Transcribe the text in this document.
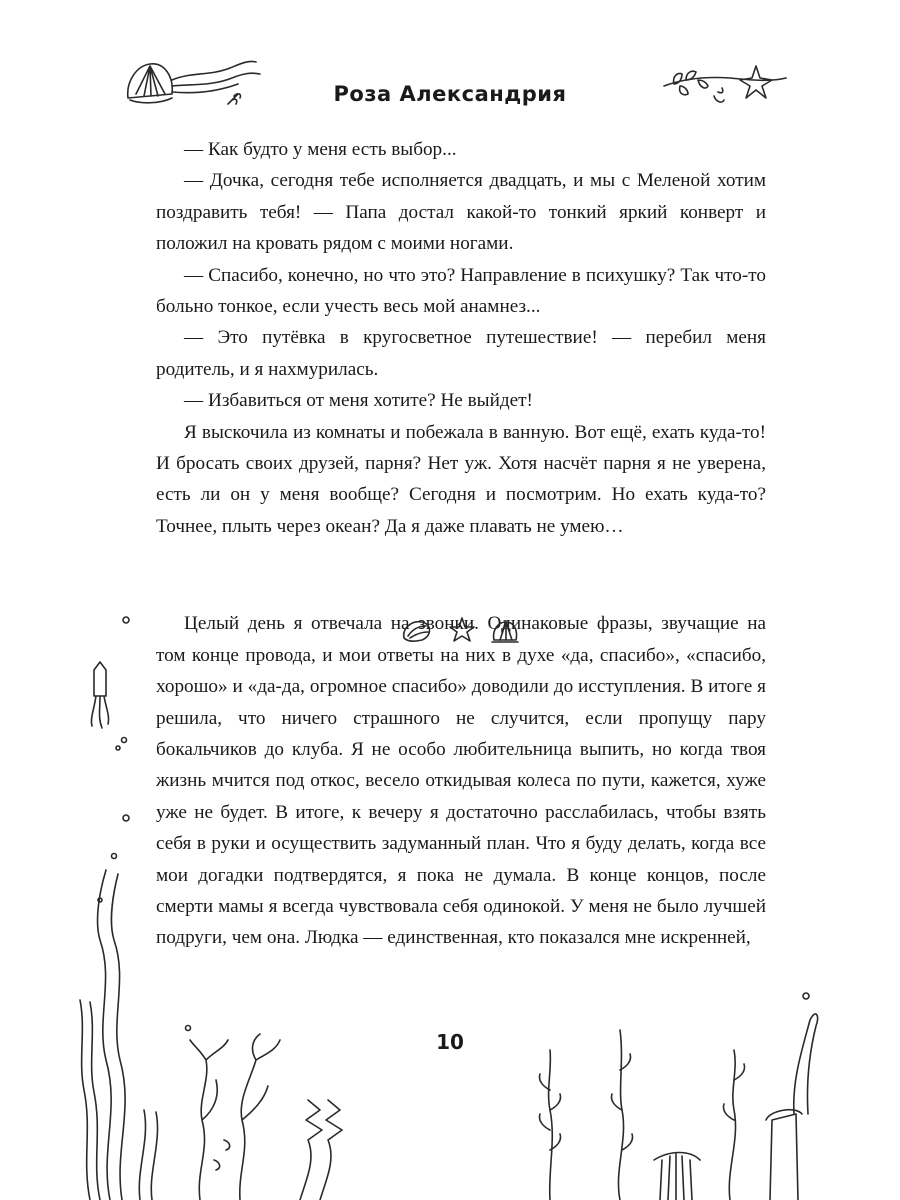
Роза Александрия

— Как будто у меня есть выбор...

— Дочка, сегодня тебе исполняется двадцать, и мы с Меленой хотим поздравить тебя! — Папа достал какой-то тонкий яркий конверт и положил на кровать рядом с моими ногами.

— Спасибо, конечно, но что это? Направление в психушку? Так что-то больно тонкое, если учесть весь мой анамнез...

— Это путёвка в кругосветное путешествие! — перебил меня родитель, и я нахмурилась.

— Избавиться от меня хотите? Не выйдет!

Я выскочила из комнаты и побежала в ванную. Вот ещё, ехать куда-то! И бросать своих друзей, парня? Нет уж. Хотя насчёт парня я не уверена, есть ли он у меня вообще? Сегодня и посмотрим. Но ехать куда-то? Точнее, плыть через океан? Да я даже плавать не умею…

Целый день я отвечала на звонки. Одинаковые фразы, звучащие на том конце провода, и мои ответы на них в духе «да, спасибо», «спасибо, хорошо» и «да-да, огромное спасибо» доводили до исступления. В итоге я решила, что ничего страшного не случится, если пропущу пару бокальчиков до клуба. Я не особо любительница выпить, но когда твоя жизнь мчится под откос, весело откидывая колеса по пути, кажется, хуже уже не будет. В итоге, к вечеру я достаточно расслабилась, чтобы взять себя в руки и осуществить задуманный план. Что я буду делать, когда все мои догадки подтвердятся, я пока не думала. В конце концов, после смерти мамы я всегда чувствовала себя одинокой. У меня не было лучшей подруги, чем она. Людка — единственная, кто показался мне искренней,

10
